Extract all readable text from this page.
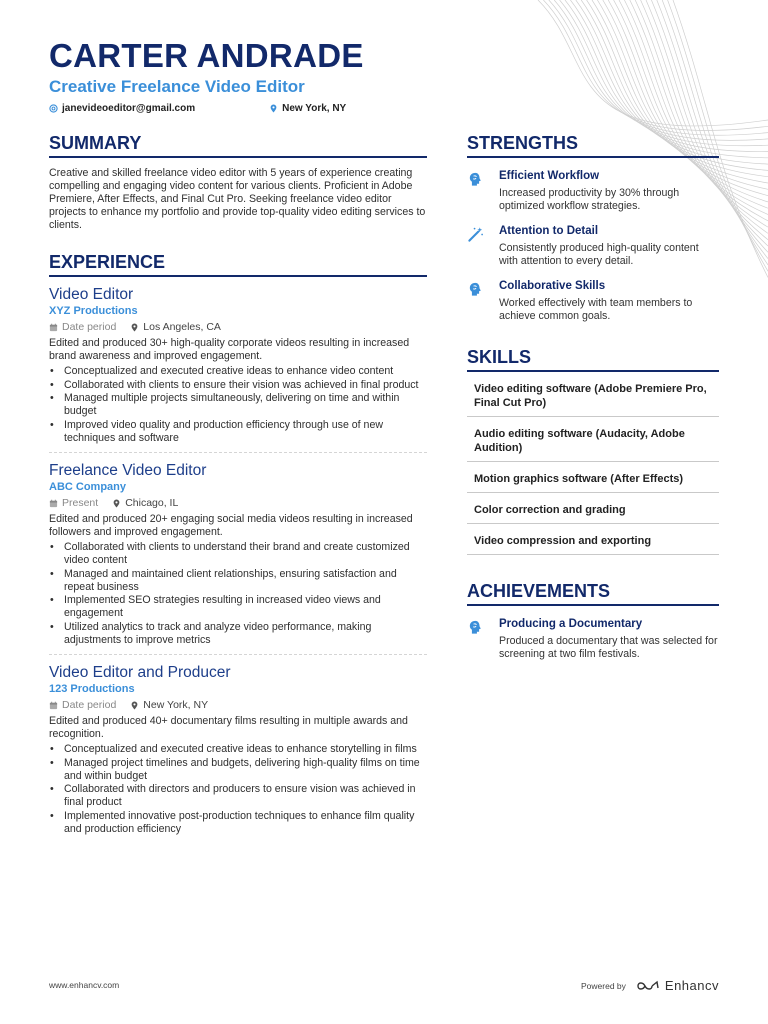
CARTER ANDRADE
Creative Freelance Video Editor
janevideoeditor@gmail.com	New York, NY
SUMMARY

Creative and skilled freelance video editor with 5 years of experience creating compelling and engaging video content for various clients. Proficient in Adobe Premiere, After Effects, and Final Cut Pro. Seeking freelance video editor projects to enhance my portfolio and provide top-quality video editing services to clients.

EXPERIENCE
Video Editor
XYZ Productions
Date period	Los Angeles, CA

Edited and produced 30+ high-quality corporate videos resulting in increased brand awareness and improved engagement.

• Conceptualized and executed creative ideas to enhance video content
• Collaborated with clients to ensure their vision was achieved in final product
• Managed multiple projects simultaneously, delivering on time and within budget
• Improved video quality and production efficiency through use of new techniques and software
Freelance Video Editor
ABC Company
Present	Chicago, IL

Edited and produced 20+ engaging social media videos resulting in increased followers and improved engagement.

• Collaborated with clients to understand their brand and create customized video content
• Managed and maintained client relationships, ensuring satisfaction and repeat business
• Implemented SEO strategies resulting in increased video views and engagement
• Utilized analytics to track and analyze video performance, making adjustments to improve metrics
Video Editor and Producer
123 Productions
Date period	New York, NY

Edited and produced 40+ documentary films resulting in multiple awards and recognition.

• Conceptualized and executed creative ideas to enhance storytelling in films
• Managed project timelines and budgets, delivering high-quality films on time and within budget
• Collaborated with directors and producers to ensure vision was achieved in final product
• Implemented innovative post-production techniques to enhance film quality and production efficiency
STRENGTHS
Efficient Workflow
Increased productivity by 30% through optimized workflow strategies.
Attention to Detail
Consistently produced high-quality content with attention to every detail.
Collaborative Skills
Worked effectively with team members to achieve common goals.
SKILLS
Video editing software (Adobe Premiere Pro, Final Cut Pro)
Audio editing software (Audacity, Adobe Audition)
Motion graphics software (After Effects)
Color correction and grading
Video compression and exporting
ACHIEVEMENTS
Producing a Documentary
Produced a documentary that was selected for screening at two film festivals.
www.enhancv.com	Powered by	Enhancv
